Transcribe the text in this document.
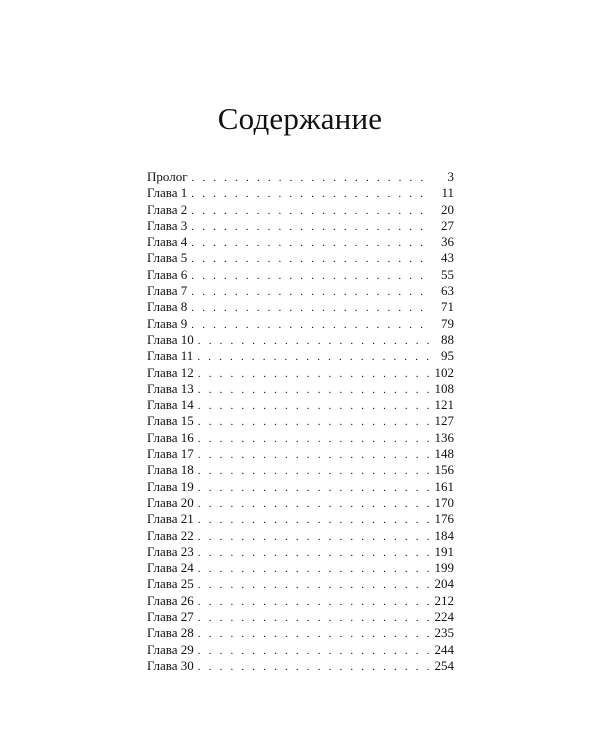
Содержание
Пролог . . .	3
Глава 1 . . .	11
Глава 2 . . .	20
Глава 3 . . .	27
Глава 4 . . .	36
Глава 5 . . .	43
Глава 6 . . .	55
Глава 7 . . .	63
Глава 8 . . .	71
Глава 9 . . .	79
Глава 10 . . .	88
Глава 11 . . .	95
Глава 12 . . .	102
Глава 13 . . .	108
Глава 14 . . .	121
Глава 15 . . .	127
Глава 16 . . .	136
Глава 17 . . .	148
Глава 18 . . .	156
Глава 19 . . .	161
Глава 20 . . .	170
Глава 21 . . .	176
Глава 22 . . .	184
Глава 23 . . .	191
Глава 24 . . .	199
Глава 25 . . .	204
Глава 26 . . .	212
Глава 27 . . .	224
Глава 28 . . .	235
Глава 29 . . .	244
Глава 30 . . .	254
